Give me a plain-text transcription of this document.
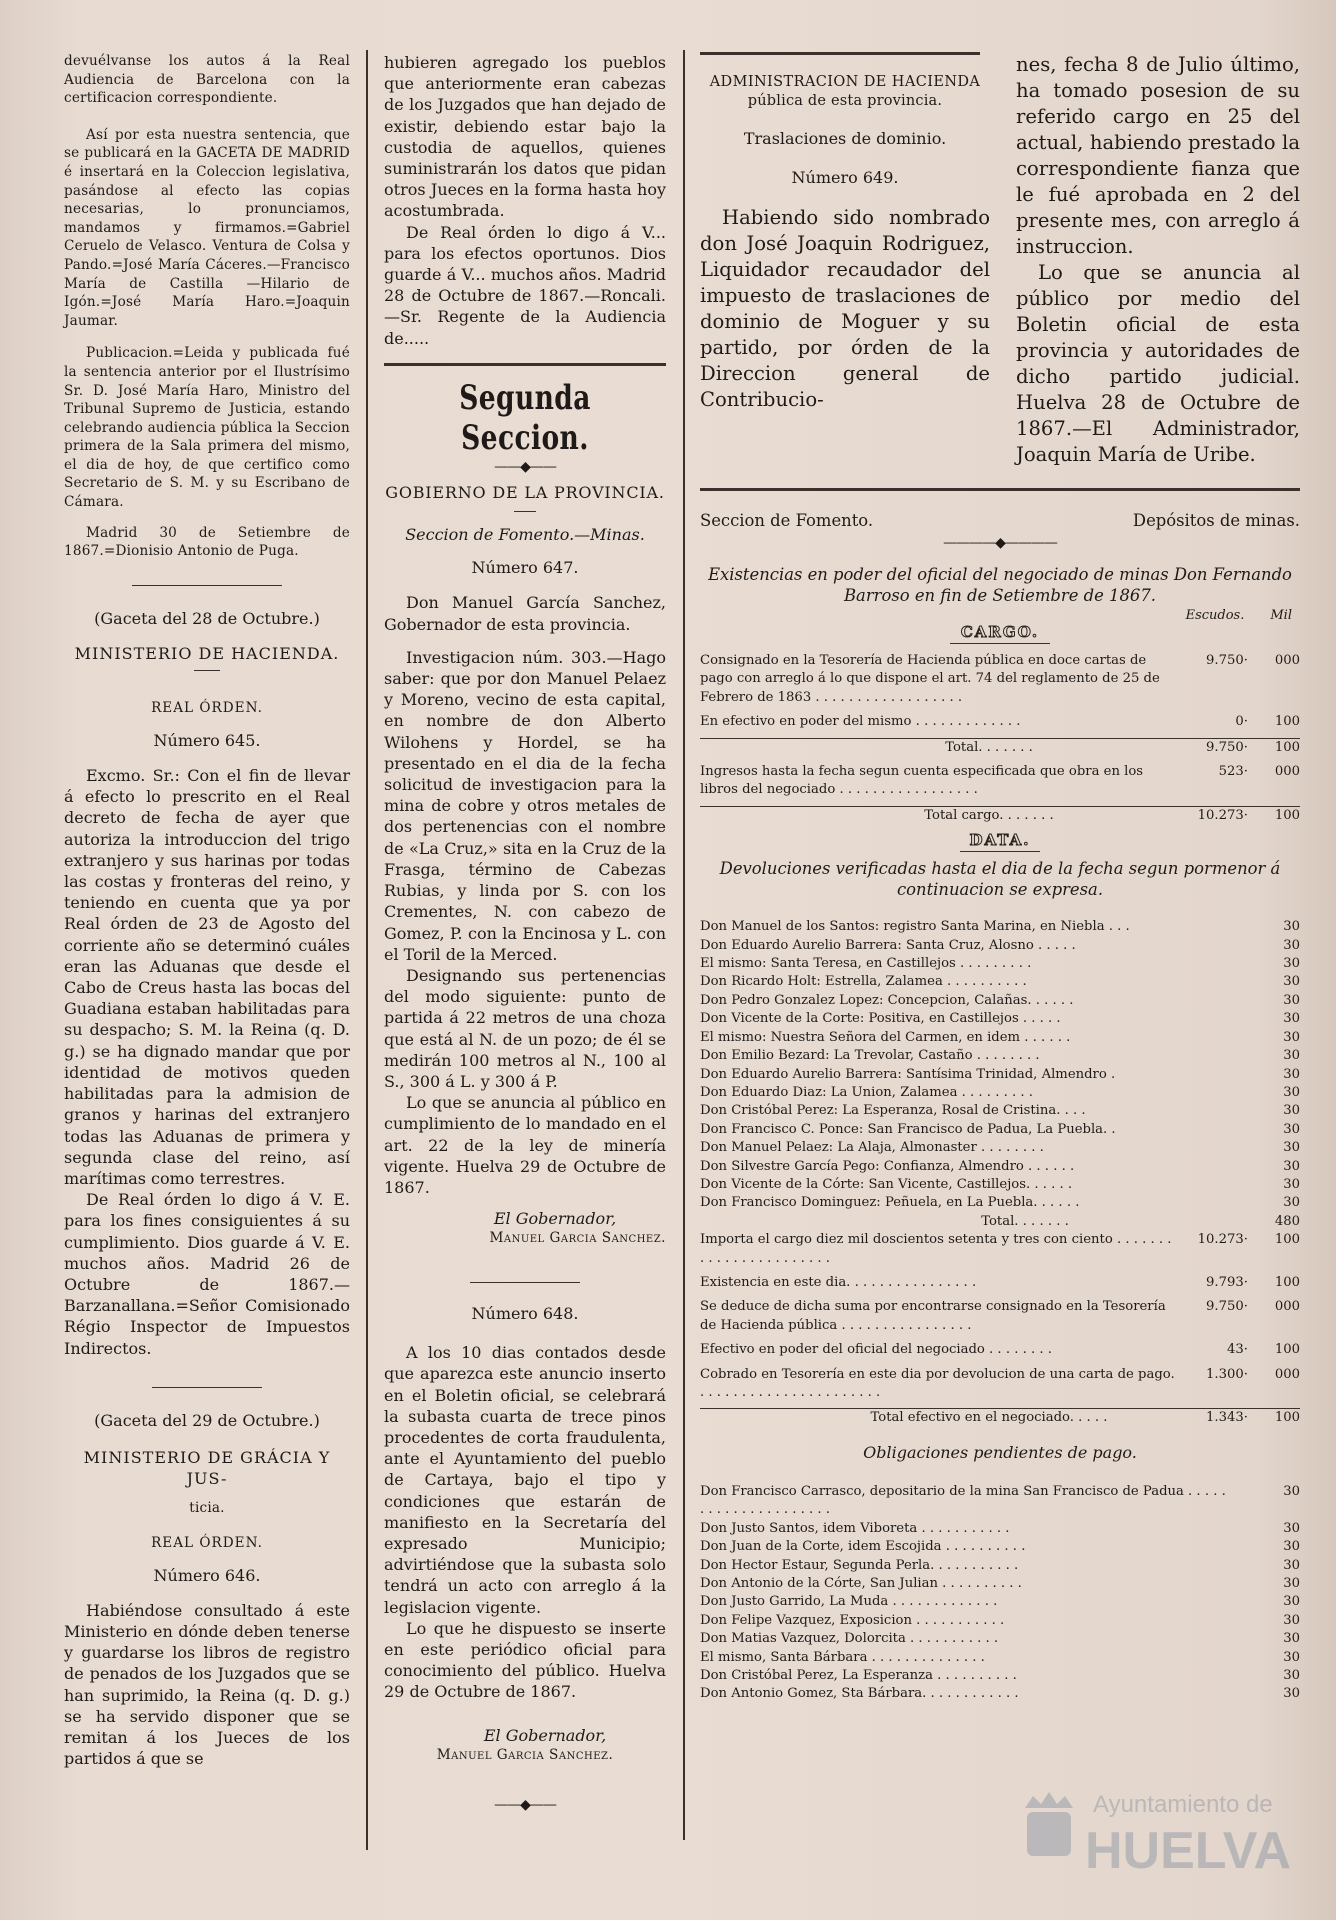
devuélvanse los autos á la Real Audiencia de Barcelona con la certificacion correspondiente.

Así por esta nuestra sentencia, que se publicará en la GACETA DE MADRID é insertará en la Coleccion legislativa, pasándose al efecto las copias necesarias, lo pronunciamos, mandamos y firmamos.=Gabriel Ceruelo de Velasco. Ventura de Colsa y Pando.=José María Cáceres.—Francisco María de Castilla —Hilario de Igón.=José María Haro.=Joaquin Jaumar.

Publicacion.=Leida y publicada fué la sentencia anterior por el Ilustrísimo Sr. D. José María Haro, Ministro del Tribunal Supremo de Justicia, estando celebrando audiencia pública la Seccion primera de la Sala primera del mismo, el dia de hoy, de que certifico como Secretario de S. M. y su Escribano de Cámara.

Madrid 30 de Setiembre de 1867.=Dionisio Antonio de Puga.

(Gaceta del 28 de Octubre.)

MINISTERIO DE HACIENDA.

REAL ÓRDEN.

Número 645.

Excmo. Sr.: Con el fin de llevar á efecto lo prescrito en el Real decreto de fecha de ayer que autoriza la introduccion del trigo extranjero y sus harinas por todas las costas y fronteras del reino, y teniendo en cuenta que ya por Real órden de 23 de Agosto del corriente año se determinó cuáles eran las Aduanas que desde el Cabo de Creus hasta las bocas del Guadiana estaban habilitadas para su despacho; S. M. la Reina (q. D. g.) se ha dignado mandar que por identidad de motivos queden habilitadas para la admision de granos y harinas del extranjero todas las Aduanas de primera y segunda clase del reino, así marítimas como terrestres.

De Real órden lo digo á V. E. para los fines consiguientes á su cumplimiento. Dios guarde á V. E. muchos años. Madrid 26 de Octubre de 1867.—Barzanallana.=Señor Comisionado Régio Inspector de Impuestos Indirectos.

(Gaceta del 29 de Octubre.)

MINISTERIO DE GRÁCIA Y JUS-

ticia.

REAL ÓRDEN.

Número 646.

Habiéndose consultado á este Ministerio en dónde deben tenerse y guardarse los libros de registro de penados de los Juzgados que se han suprimido, la Reina (q. D. g.) se ha servido disponer que se remitan á los Jueces de los partidos á que se

hubieren agregado los pueblos que anteriormente eran cabezas de los Juzgados que han dejado de existir, debiendo estar bajo la custodia de aquellos, quienes suministrarán los datos que pidan otros Jueces en la forma hasta hoy acostumbrada.

De Real órden lo digo á V... para los efectos oportunos. Dios guarde á V... muchos años. Madrid 28 de Octubre de 1867.—Roncali.—Sr. Regente de la Audiencia de.....

Segunda Seccion.
——◆——

GOBIERNO DE LA PROVINCIA.

Seccion de Fomento.—Minas.

Número 647.

Don Manuel García Sanchez, Gobernador de esta provincia.

Investigacion núm. 303.—Hago saber: que por don Manuel Pelaez y Moreno, vecino de esta capital, en nombre de don Alberto Wilohens y Hordel, se ha presentado en el dia de la fecha solicitud de investigacion para la mina de cobre y otros metales de dos pertenencias con el nombre de «La Cruz,» sita en la Cruz de la Frasga, término de Cabezas Rubias, y linda por S. con los Crementes, N. con cabezo de Gomez, P. con la Encinosa y L. con el Toril de la Merced.

Designando sus pertenencias del modo siguiente: punto de partida á 22 metros de una choza que está al N. de un pozo; de él se medirán 100 metros al N., 100 al S., 300 á L. y 300 á P.

Lo que se anuncia al público en cumplimiento de lo mandado en el art. 22 de la ley de minería vigente. Huelva 29 de Octubre de 1867.

El Gobernador,

Manuel Garcia Sanchez.

Número 648.

A los 10 dias contados desde que aparezca este anuncio inserto en el Boletin oficial, se celebrará la subasta cuarta de trece pinos procedentes de corta fraudulenta, ante el Ayuntamiento del pueblo de Cartaya, bajo el tipo y condiciones que estarán de manifiesto en la Secretaría del expresado Municipio; advirtiéndose que la subasta solo tendrá un acto con arreglo á la legislacion vigente.

Lo que he dispuesto se inserte en este periódico oficial para conocimiento del público. Huelva 29 de Octubre de 1867.

El Gobernador,

Manuel Garcia Sanchez.

——◆——

ADMINISTRACION DE HACIENDA

pública de esta provincia.

Traslaciones de dominio.

Número 649.

Habiendo sido nombrado don José Joaquin Rodriguez, Liquidador recaudador del impuesto de traslaciones de dominio de Moguer y su partido, por órden de la Direccion general de Contribucio-

nes, fecha 8 de Julio último, ha tomado posesion de su referido cargo en 25 del actual, habiendo prestado la correspondiente fianza que le fué aprobada en 2 del presente mes, con arreglo á instruccion.

Lo que se anuncia al público por medio del Boletin oficial de esta provincia y autoridades de dicho partido judicial. Huelva 28 de Octubre de 1867.—El Administrador, Joaquin María de Uribe.

Seccion de Fomento.	Depósitos de minas.
————◆————

Existencias en poder del oficial del negociado de minas Don Fernando Barroso en fin de Setiembre de 1867.

Escudos. Mil
CARGO.
Consignado en la Tesorería de Hacienda pública en doce cartas de pago con arreglo á lo que dispone el art. 74 del reglamento de 25 de Febrero de 1863 . . . . . . . . . . . . . . . . . .
9.750·	000
En efectivo en poder del mismo . . . . . . . . . . . . .	0·	100
Total. . . . . . .	9.750·	100
Ingresos hasta la fecha segun cuenta especificada que obra en los libros del negociado . . . . . . . . . . . . . . . . .
523·	000
Total cargo. . . . . . .	10.273·	100
DATA.

Devoluciones verificadas hasta el dia de la fecha segun pormenor á continuacion se expresa.

Don Manuel de los Santos: registro Santa Marina, en Niebla . . .	30
Don Eduardo Aurelio Barrera: Santa Cruz, Alosno . . . . .	30
El mismo: Santa Teresa, en Castillejos . . . . . . . . .	30
Don Ricardo Holt: Estrella, Zalamea . . . . . . . . . .	30
Don Pedro Gonzalez Lopez: Concepcion, Calañas. . . . . .	30
Don Vicente de la Corte: Positiva, en Castillejos . . . . .	30
El mismo: Nuestra Señora del Carmen, en idem . . . . . .	30
Don Emilio Bezard: La Trevolar, Castaño . . . . . . . .	30
Don Eduardo Aurelio Barrera: Santísima Trinidad, Almendro .	30
Don Eduardo Diaz: La Union, Zalamea . . . . . . . . .	30
Don Cristóbal Perez: La Esperanza, Rosal de Cristina. . . .	30
Don Francisco C. Ponce: San Francisco de Padua, La Puebla. .	30
Don Manuel Pelaez: La Alaja, Almonaster . . . . . . . .	30
Don Silvestre García Pego: Confianza, Almendro . . . . . .	30
Don Vicente de la Córte: San Vicente, Castillejos. . . . . .	30
Don Francisco Dominguez: Peñuela, en La Puebla. . . . . .	30
Total. . . . . . .	480
Importa el cargo diez mil doscientos setenta y tres con ciento . . . . . . . . . . . . . . . . . . . . . . .
10.273·	100
Existencia en este dia. . . . . . . . . . . . . . . .	9.793·	100
Se deduce de dicha suma por encontrarse consignado en la Tesorería de Hacienda pública . . . . . . . . . . . . . . . .
9.750·	000
Efectivo en poder del oficial del negociado . . . . . . . .	43·	100
Cobrado en Tesorería en este dia por devolucion de una carta de pago. . . . . . . . . . . . . . . . . . . . . . .
1.300·	000
Total efectivo en el negociado. . . . .	1.343·	100

Obligaciones pendientes de pago.

Don Francisco Carrasco, depositario de la mina San Francisco de Padua . . . . . . . . . . . . . . . . . . . . .
30
Don Justo Santos, idem Viboreta . . . . . . . . . . .	30
Don Juan de la Corte, idem Escojida . . . . . . . . . .	30
Don Hector Estaur, Segunda Perla. . . . . . . . . . .	30
Don Antonio de la Córte, San Julian . . . . . . . . . .	30
Don Justo Garrido, La Muda . . . . . . . . . . . . .	30
Don Felipe Vazquez, Exposicion . . . . . . . . . . .	30
Don Matias Vazquez, Dolorcita . . . . . . . . . . .	30
El mismo, Santa Bárbara . . . . . . . . . . . . . .	30
Don Cristóbal Perez, La Esperanza . . . . . . . . . .	30
Don Antonio Gomez, Sta Bárbara. . . . . . . . . . . .	30
Ayuntamiento de
HUELVA
